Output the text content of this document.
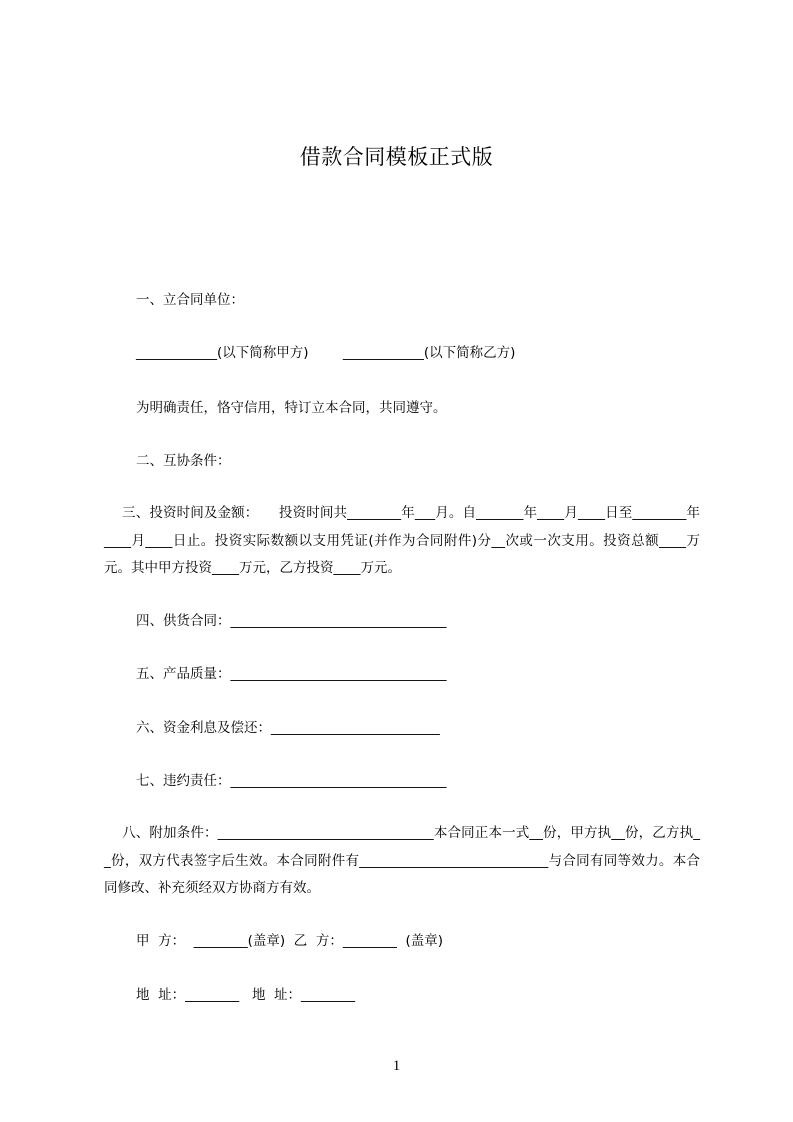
借款合同模板正式版
一、立合同单位：
____________(以下简称甲方)        ____________(以下简称乙方)
为明确责任，恪守信用，特订立本合同，共同遵守。
二、互协条件：
　 三、投资时间及金额：　　投资时间共________年___月。自_______年____月____日至________年____月____日止。投资实际数额以支用凭证(并作为合同附件)分__次或一次支用。投资总额____万元。其中甲方投资____万元，乙方投资____万元。
四、供货合同：________________________________
五、产品质量：________________________________
六、资金利息及偿还：_________________________
七、违约责任：________________________________
　 八、附加条件：________________________________本合同正本一式__份，甲方执__份，乙方执__份，双方代表签字后生效。本合同附件有____________________________与合同有同等效力。本合同修改、补充须经双方协商方有效。
甲  方：  ________(盖章)  乙  方：________  (盖章)
地  址：________   地  址：________
1
